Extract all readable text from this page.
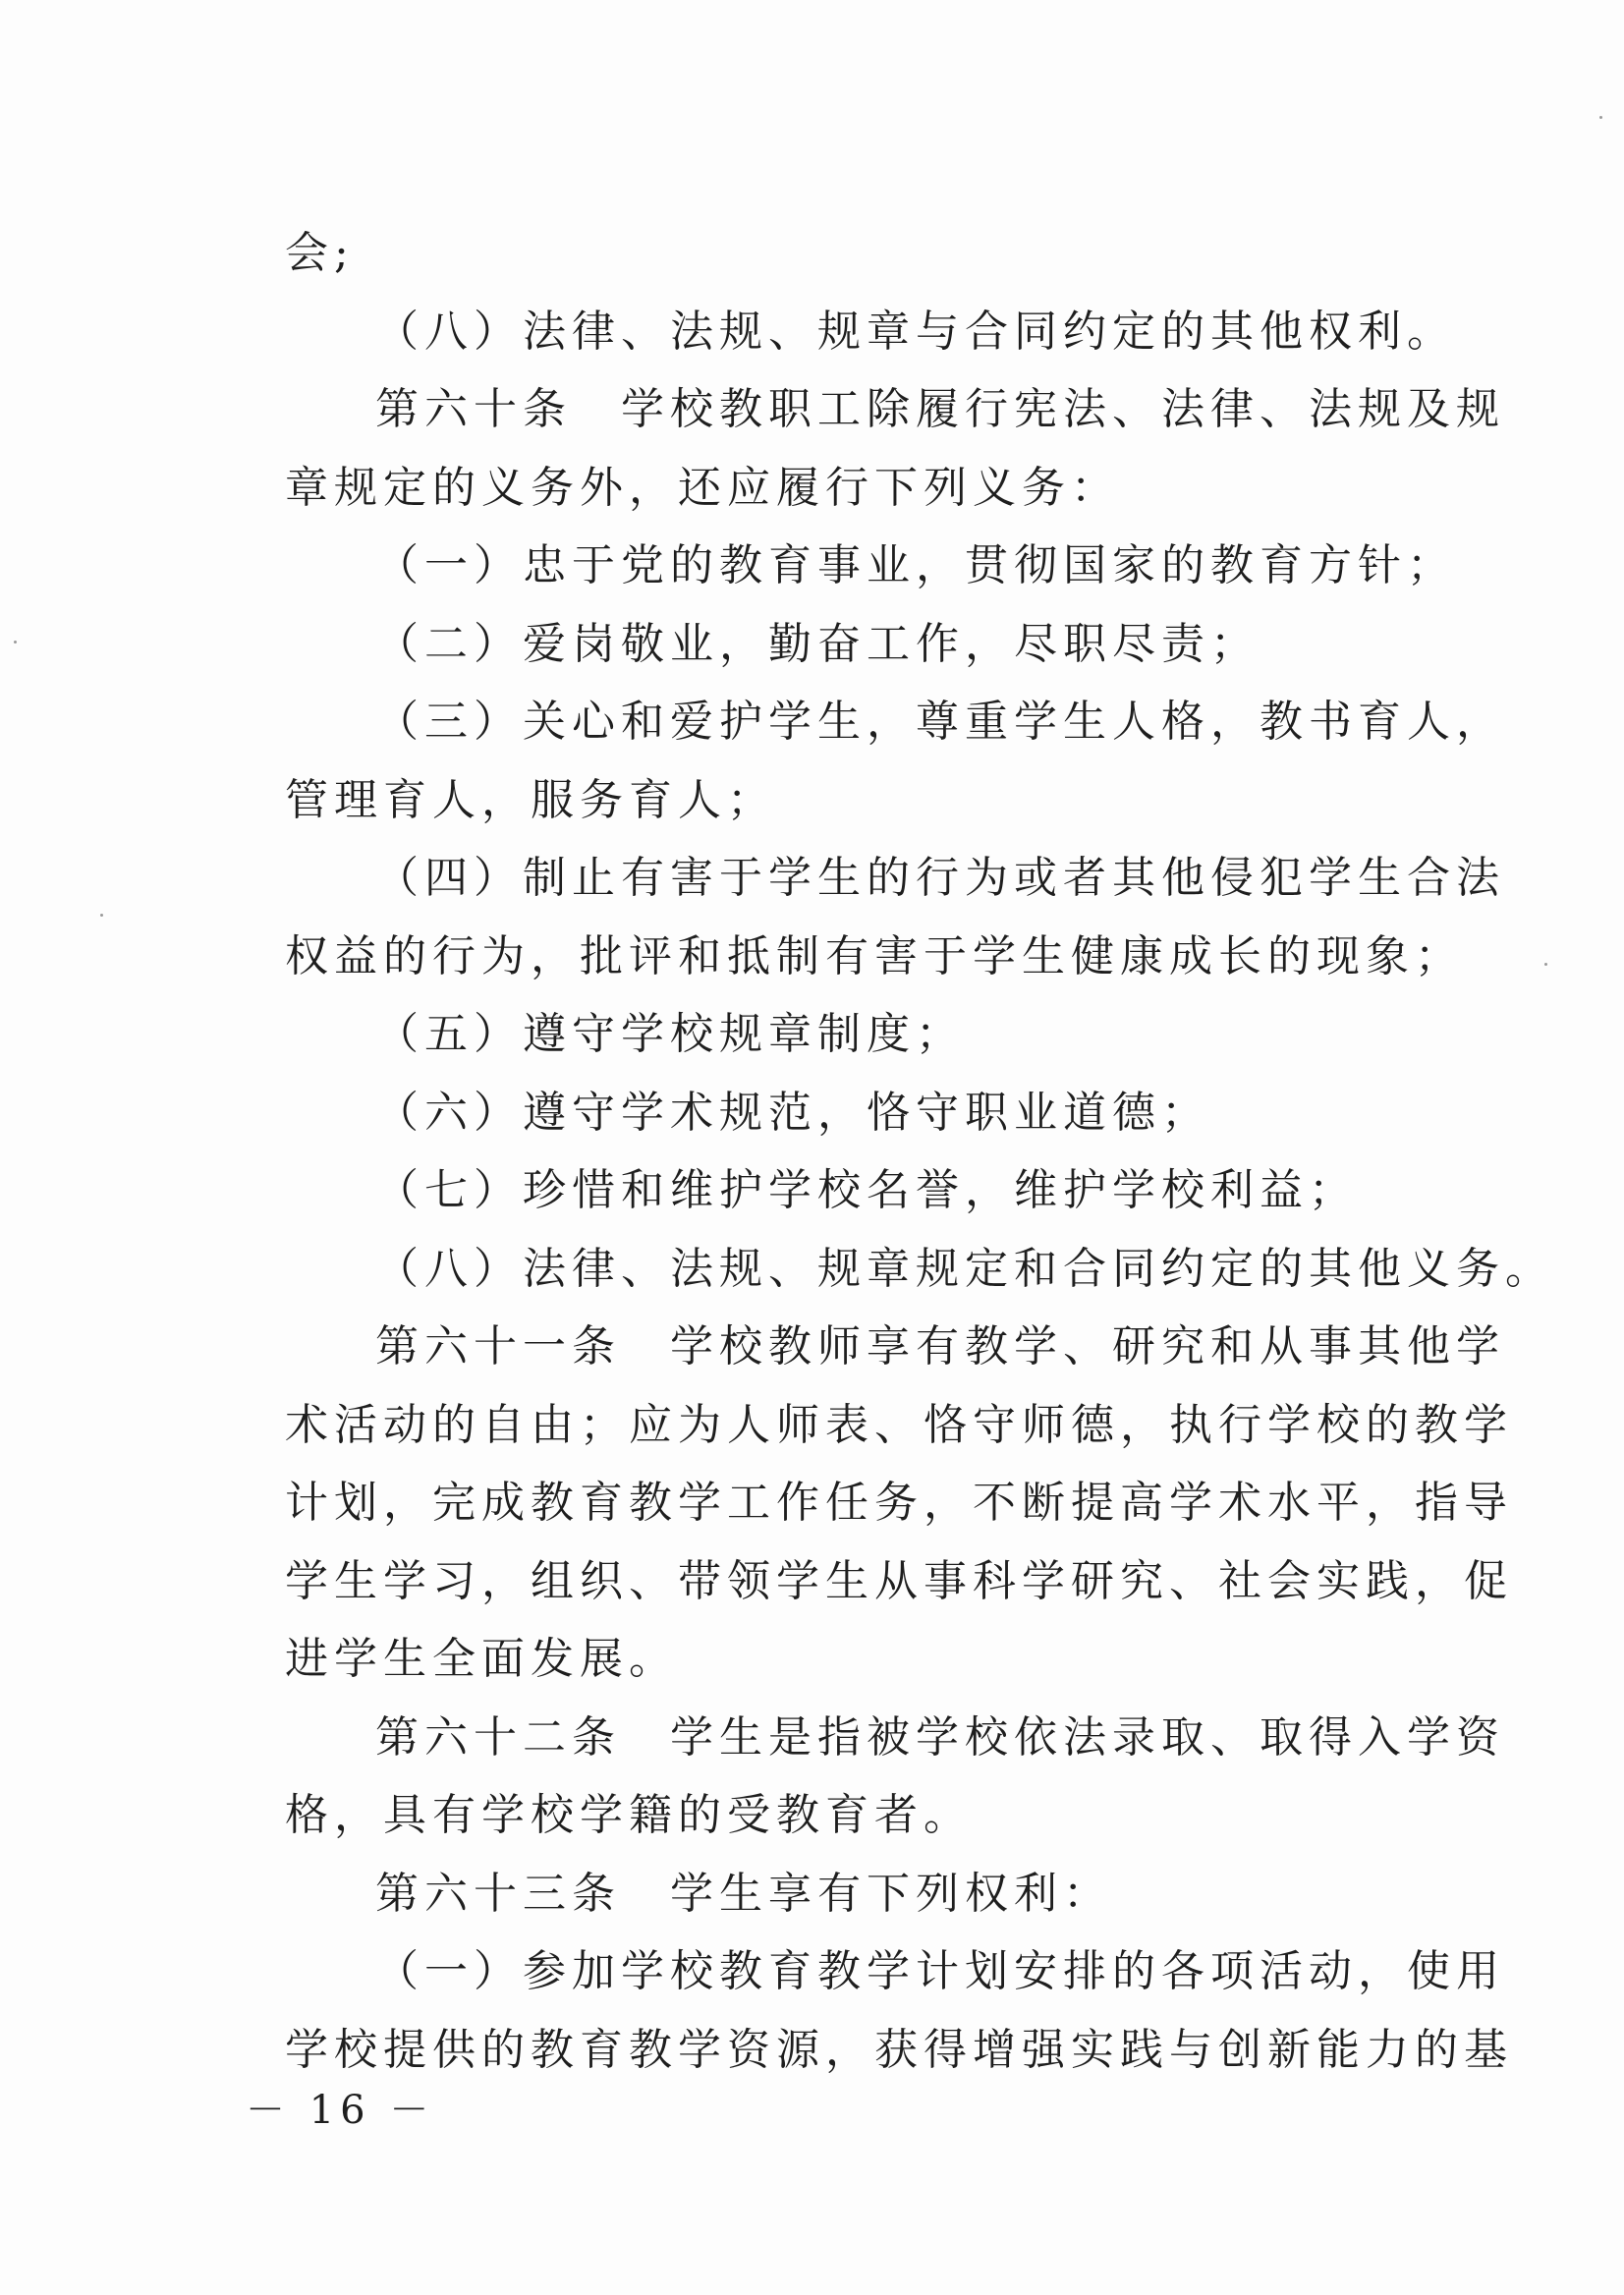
会;
（八）法律、法规、规章与合同约定的其他权利。
第六十条　学校教职工除履行宪法、法律、法规及规
章规定的义务外，还应履行下列义务：
（一）忠于党的教育事业，贯彻国家的教育方针；
（二）爱岗敬业，勤奋工作，尽职尽责；
（三）关心和爱护学生，尊重学生人格，教书育人，
管理育人，服务育人；
（四）制止有害于学生的行为或者其他侵犯学生合法
权益的行为，批评和抵制有害于学生健康成长的现象；
（五）遵守学校规章制度；
（六）遵守学术规范，恪守职业道德；
（七）珍惜和维护学校名誉，维护学校利益；
（八）法律、法规、规章规定和合同约定的其他义务。
第六十一条　学校教师享有教学、研究和从事其他学
术活动的自由；应为人师表、恪守师德，执行学校的教学
计划，完成教育教学工作任务，不断提高学术水平，指导
学生学习，组织、带领学生从事科学研究、社会实践，促
进学生全面发展。
第六十二条　学生是指被学校依法录取、取得入学资
格，具有学校学籍的受教育者。
第六十三条　学生享有下列权利：
（一）参加学校教育教学计划安排的各项活动，使用
学校提供的教育教学资源，获得增强实践与创新能力的基
－ 16 －
